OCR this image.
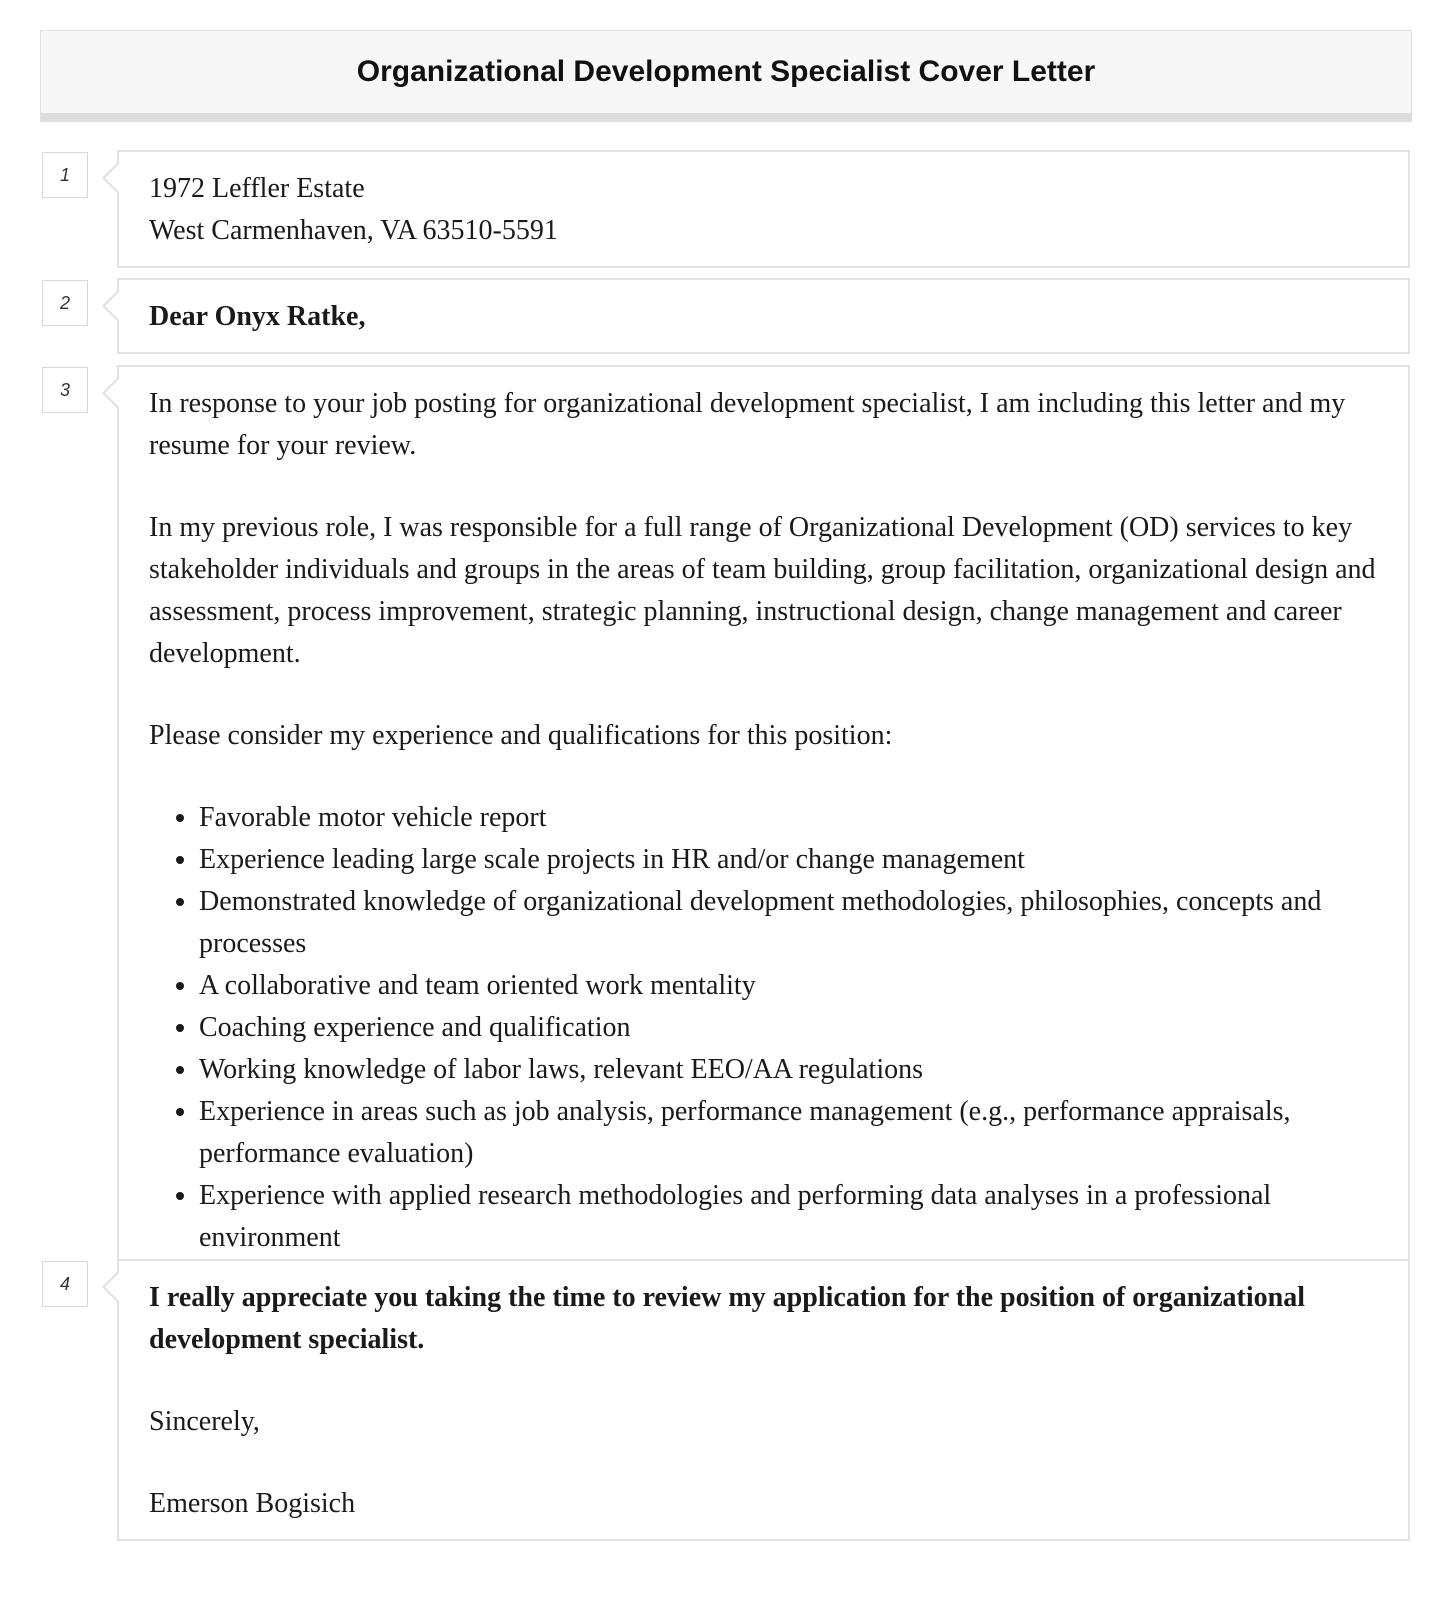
Organizational Development Specialist Cover Letter
1	1972 Leffler Estate
West Carmenhaven, VA 63510-5591
2	Dear Onyx Ratke,
3	In response to your job posting for organizational development specialist, I am including this letter and my resume for your review.

In my previous role, I was responsible for a full range of Organizational Development (OD) services to key stakeholder individuals and groups in the areas of team building, group facilitation, organizational design and assessment, process improvement, strategic planning, instructional design, change management and career development.

Please consider my experience and qualifications for this position:

• Favorable motor vehicle report
• Experience leading large scale projects in HR and/or change management
• Demonstrated knowledge of organizational development methodologies, philosophies, concepts and processes
• A collaborative and team oriented work mentality
• Coaching experience and qualification
• Working knowledge of labor laws, relevant EEO/AA regulations
• Experience in areas such as job analysis, performance management (e.g., performance appraisals, performance evaluation)
• Experience with applied research methodologies and performing data analyses in a professional environment
4	I really appreciate you taking the time to review my application for the position of organizational development specialist.

Sincerely,

Emerson Bogisich
